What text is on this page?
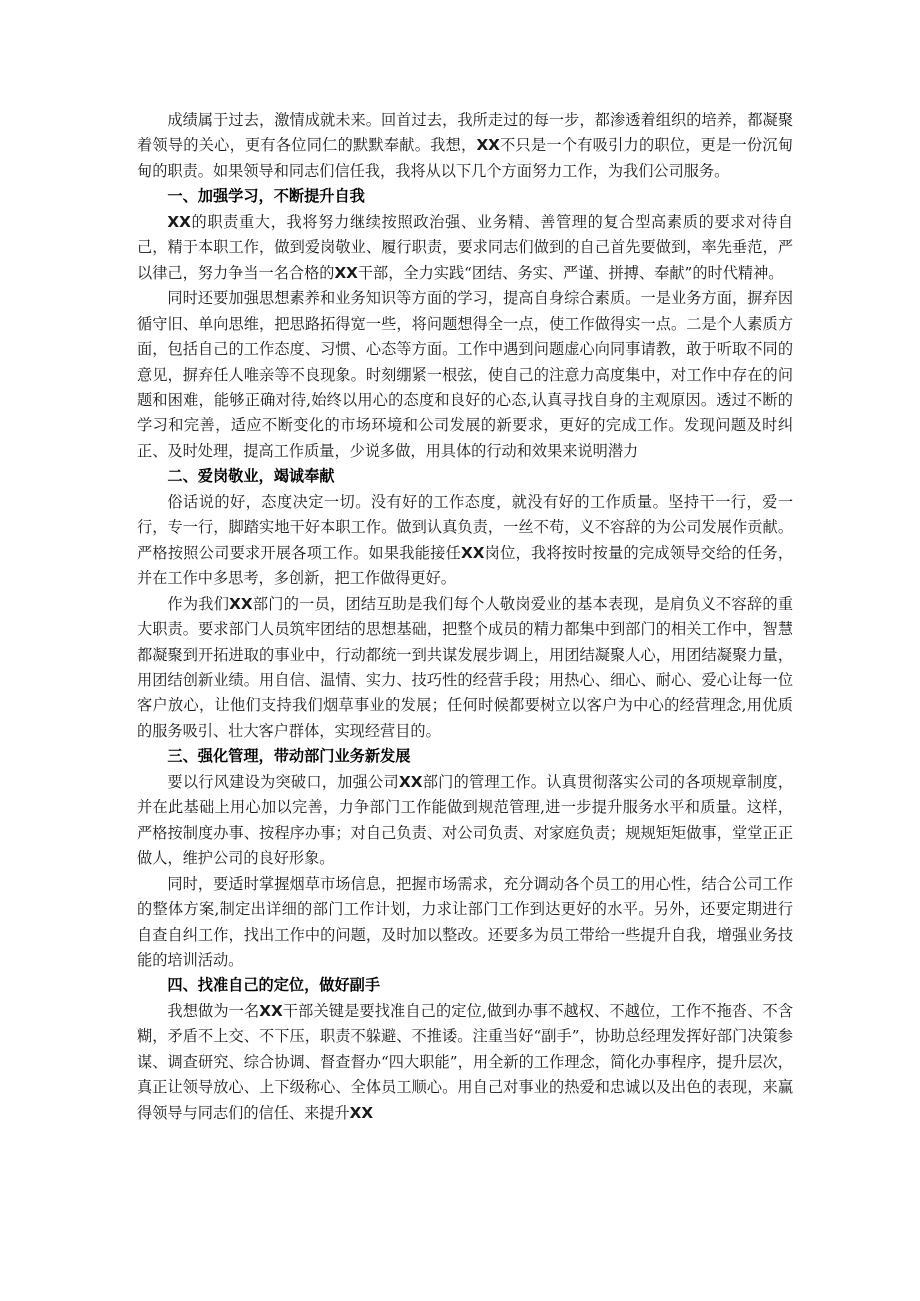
成绩属于过去，激情成就未来。回首过去，我所走过的每一步，都渗透着组织的培养，都凝聚着领导的关心，更有各位同仁的默默奉献。我想，XX不只是一个有吸引力的职位，更是一份沉甸甸的职责。如果领导和同志们信任我，我将从以下几个方面努力工作，为我们公司服务。

一、加强学习，不断提升自我

XX的职责重大，我将努力继续按照政治强、业务精、善管理的复合型高素质的要求对待自己，精于本职工作，做到爱岗敬业、履行职责，要求同志们做到的自己首先要做到，率先垂范，严以律己，努力争当一名合格的XX干部，全力实践“团结、务实、严谨、拼搏、奉献”的时代精神。

同时还要加强思想素养和业务知识等方面的学习，提高自身综合素质。一是业务方面，摒弃因循守旧、单向思维，把思路拓得宽一些，将问题想得全一点，使工作做得实一点。二是个人素质方面，包括自己的工作态度、习惯、心态等方面。工作中遇到问题虚心向同事请教，敢于听取不同的意见，摒弃任人唯亲等不良现象。时刻绷紧一根弦，使自己的注意力高度集中，对工作中存在的问题和困难，能够正确对待,始终以用心的态度和良好的心态,认真寻找自身的主观原因。透过不断的学习和完善，适应不断变化的市场环境和公司发展的新要求，更好的完成工作。发现问题及时纠正、及时处理，提高工作质量，少说多做，用具体的行动和效果来说明潜力

二、爱岗敬业，竭诚奉献

俗话说的好，态度决定一切。没有好的工作态度，就没有好的工作质量。坚持干一行，爱一行，专一行，脚踏实地干好本职工作。做到认真负责，一丝不苟，义不容辞的为公司发展作贡献。严格按照公司要求开展各项工作。如果我能接任XX岗位，我将按时按量的完成领导交给的任务，并在工作中多思考，多创新，把工作做得更好。

作为我们XX部门的一员，团结互助是我们每个人敬岗爱业的基本表现，是肩负义不容辞的重大职责。要求部门人员筑牢团结的思想基础，把整个成员的精力都集中到部门的相关工作中，智慧都凝聚到开拓进取的事业中，行动都统一到共谋发展步调上，用团结凝聚人心，用团结凝聚力量，用团结创新业绩。用自信、温情、实力、技巧性的经营手段；用热心、细心、耐心、爱心让每一位客户放心，让他们支持我们烟草事业的发展；任何时候都要树立以客户为中心的经营理念,用优质的服务吸引、壮大客户群体，实现经营目的。

三、强化管理，带动部门业务新发展

要以行风建设为突破口，加强公司XX部门的管理工作。认真贯彻落实公司的各项规章制度，并在此基础上用心加以完善，力争部门工作能做到规范管理,进一步提升服务水平和质量。这样，严格按制度办事、按程序办事；对自己负责、对公司负责、对家庭负责；规规矩矩做事，堂堂正正做人，维护公司的良好形象。

同时，要适时掌握烟草市场信息，把握市场需求，充分调动各个员工的用心性，结合公司工作的整体方案,制定出详细的部门工作计划，力求让部门工作到达更好的水平。另外，还要定期进行自查自纠工作，找出工作中的问题，及时加以整改。还要多为员工带给一些提升自我，增强业务技能的培训活动。

四、找准自己的定位，做好副手

我想做为一名XX干部关键是要找准自己的定位,做到办事不越权、不越位，工作不拖沓、不含糊，矛盾不上交、不下压，职责不躲避、不推诿。注重当好“副手”，协助总经理发挥好部门决策参谋、调查研究、综合协调、督查督办“四大职能”，用全新的工作理念，简化办事程序，提升层次，真正让领导放心、上下级称心、全体员工顺心。用自己对事业的热爱和忠诚以及出色的表现，来赢得领导与同志们的信任、来提升XX
